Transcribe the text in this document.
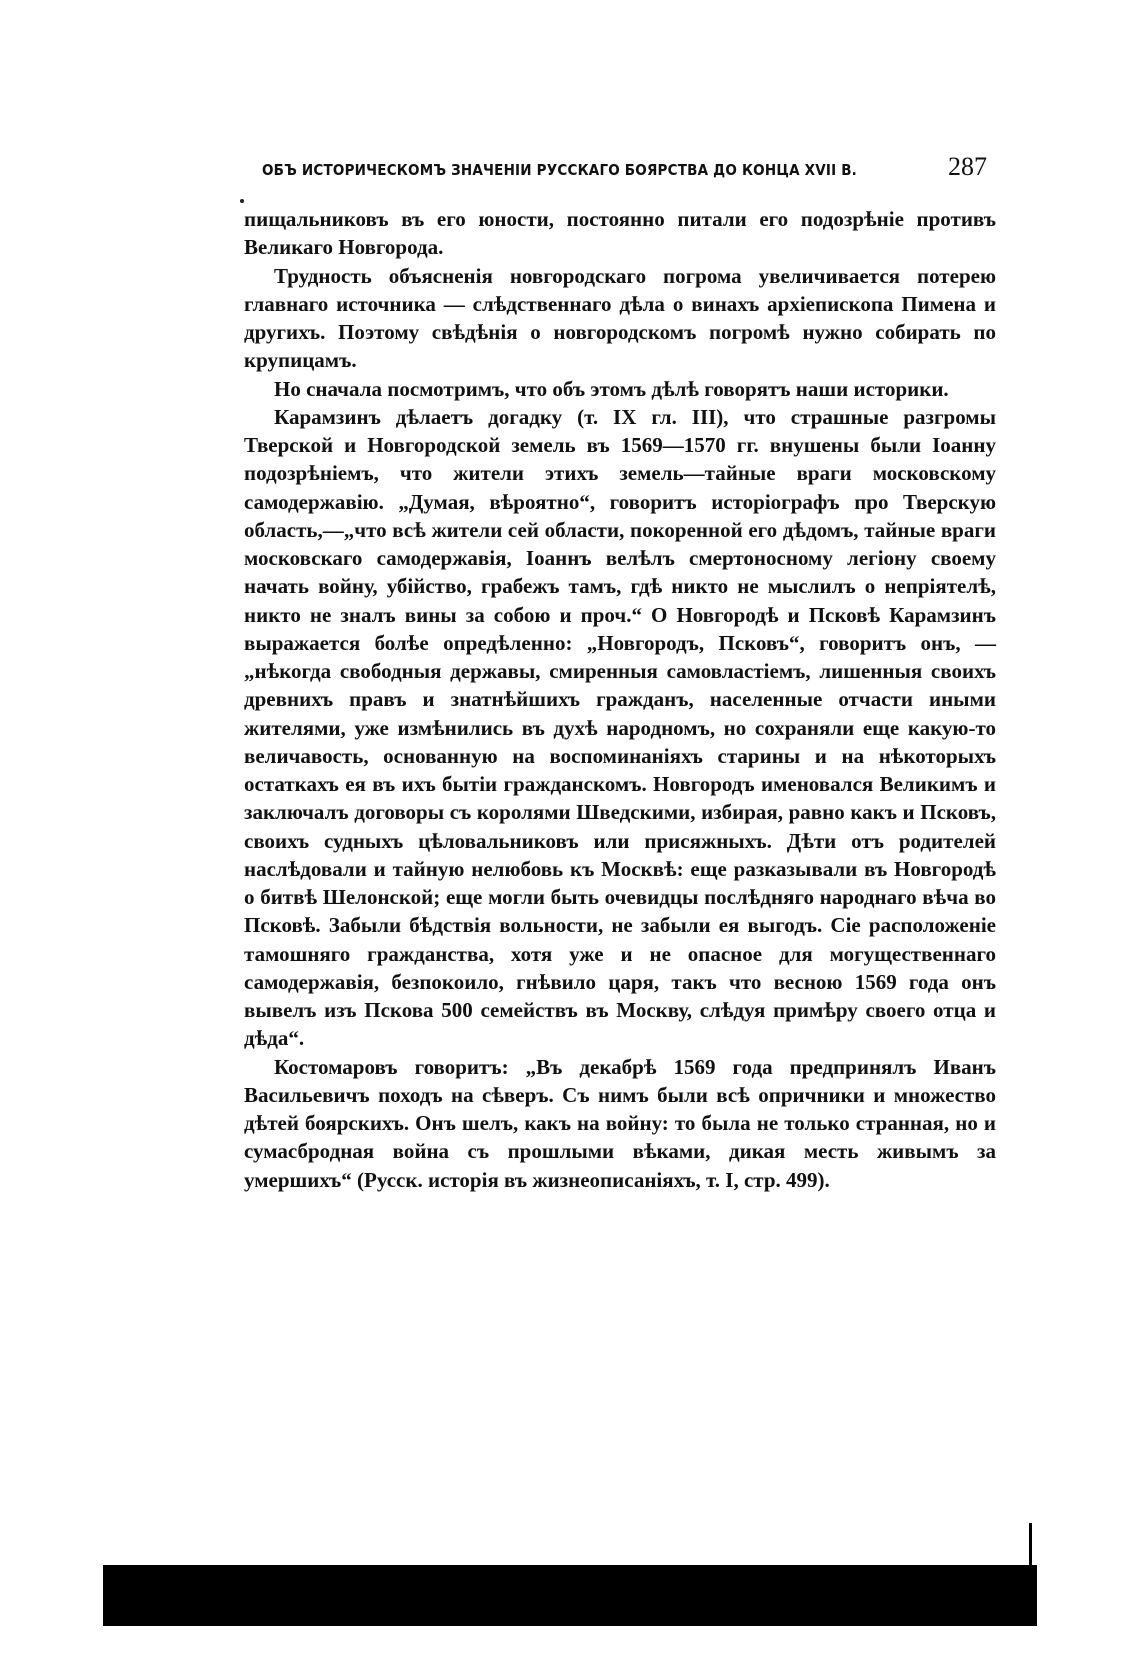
ОБЪ ИСТОРИЧЕСКОМЪ ЗНАЧЕНІИ РУССКАГО БОЯРСТВА ДО КОНЦА XVII В.	287

пищальниковъ въ его юности, постоянно питали его подозрѣніе противъ Великаго Новгорода.

Трудность объясненія новгородскаго погрома увеличивается потерею главнаго источника — слѣдственнаго дѣла о винахъ архіепископа Пимена и другихъ. Поэтому свѣдѣнія о новгородскомъ погромѣ нужно собирать по крупицамъ.

Но сначала посмотримъ, что объ этомъ дѣлѣ говорятъ наши историки.

Карамзинъ дѣлаетъ догадку (т. IX гл. III), что страшные разгромы Тверской и Новгородской земель въ 1569—1570 гг. внушены были Іоанну подозрѣніемъ, что жители этихъ земель—тайные враги московскому самодержавію. „Думая, вѣроятно“, говоритъ исторіографъ про Тверскую область,—„что всѣ жители сей области, покоренной его дѣдомъ, тайные враги московскаго самодержавія, Іоаннъ велѣлъ смертоносному легіону своему начать войну, убійство, грабежъ тамъ, гдѣ никто не мыслилъ о непріятелѣ, никто не зналъ вины за собою и проч.“ О Новгородѣ и Псковѣ Карамзинъ выражается болѣе опредѣленно: „Новгородъ, Псковъ“, говоритъ онъ, — „нѣкогда свободныя державы, смиренныя самовластіемъ, лишенныя своихъ древнихъ правъ и знатнѣйшихъ гражданъ, населенные отчасти иными жителями, уже измѣнились въ духѣ народномъ, но сохраняли еще какую-то величавость, основанную на воспоминаніяхъ старины и на нѣкоторыхъ остаткахъ ея въ ихъ бытіи гражданскомъ. Новгородъ именовался Великимъ и заключалъ договоры съ королями Шведскими, избирая, равно какъ и Псковъ, своихъ судныхъ цѣловальниковъ или присяжныхъ. Дѣти отъ родителей наслѣдовали и тайную нелюбовь къ Москвѣ: еще разказывали въ Новгородѣ о битвѣ Шелонской; еще могли быть очевидцы послѣдняго народнаго вѣча во Псковѣ. Забыли бѣдствія вольности, не забыли ея выгодъ. Сіе расположеніе тамошняго гражданства, хотя уже и не опасное для могущественнаго самодержавія, безпокоило, гнѣвило царя, такъ что весною 1569 года онъ вывелъ изъ Пскова 500 семействъ въ Москву, слѣдуя примѣру своего отца и дѣда“.

Костомаровъ говоритъ: „Въ декабрѣ 1569 года предпринялъ Иванъ Васильевичъ походъ на сѣверъ. Съ нимъ были всѣ опричники и множество дѣтей боярскихъ. Онъ шелъ, какъ на войну: то была не только странная, но и сумасбродная война съ прошлыми вѣками, дикая месть живымъ за умершихъ“ (Русск. исторія въ жизнеописаніяхъ, т. I, стр. 499).
